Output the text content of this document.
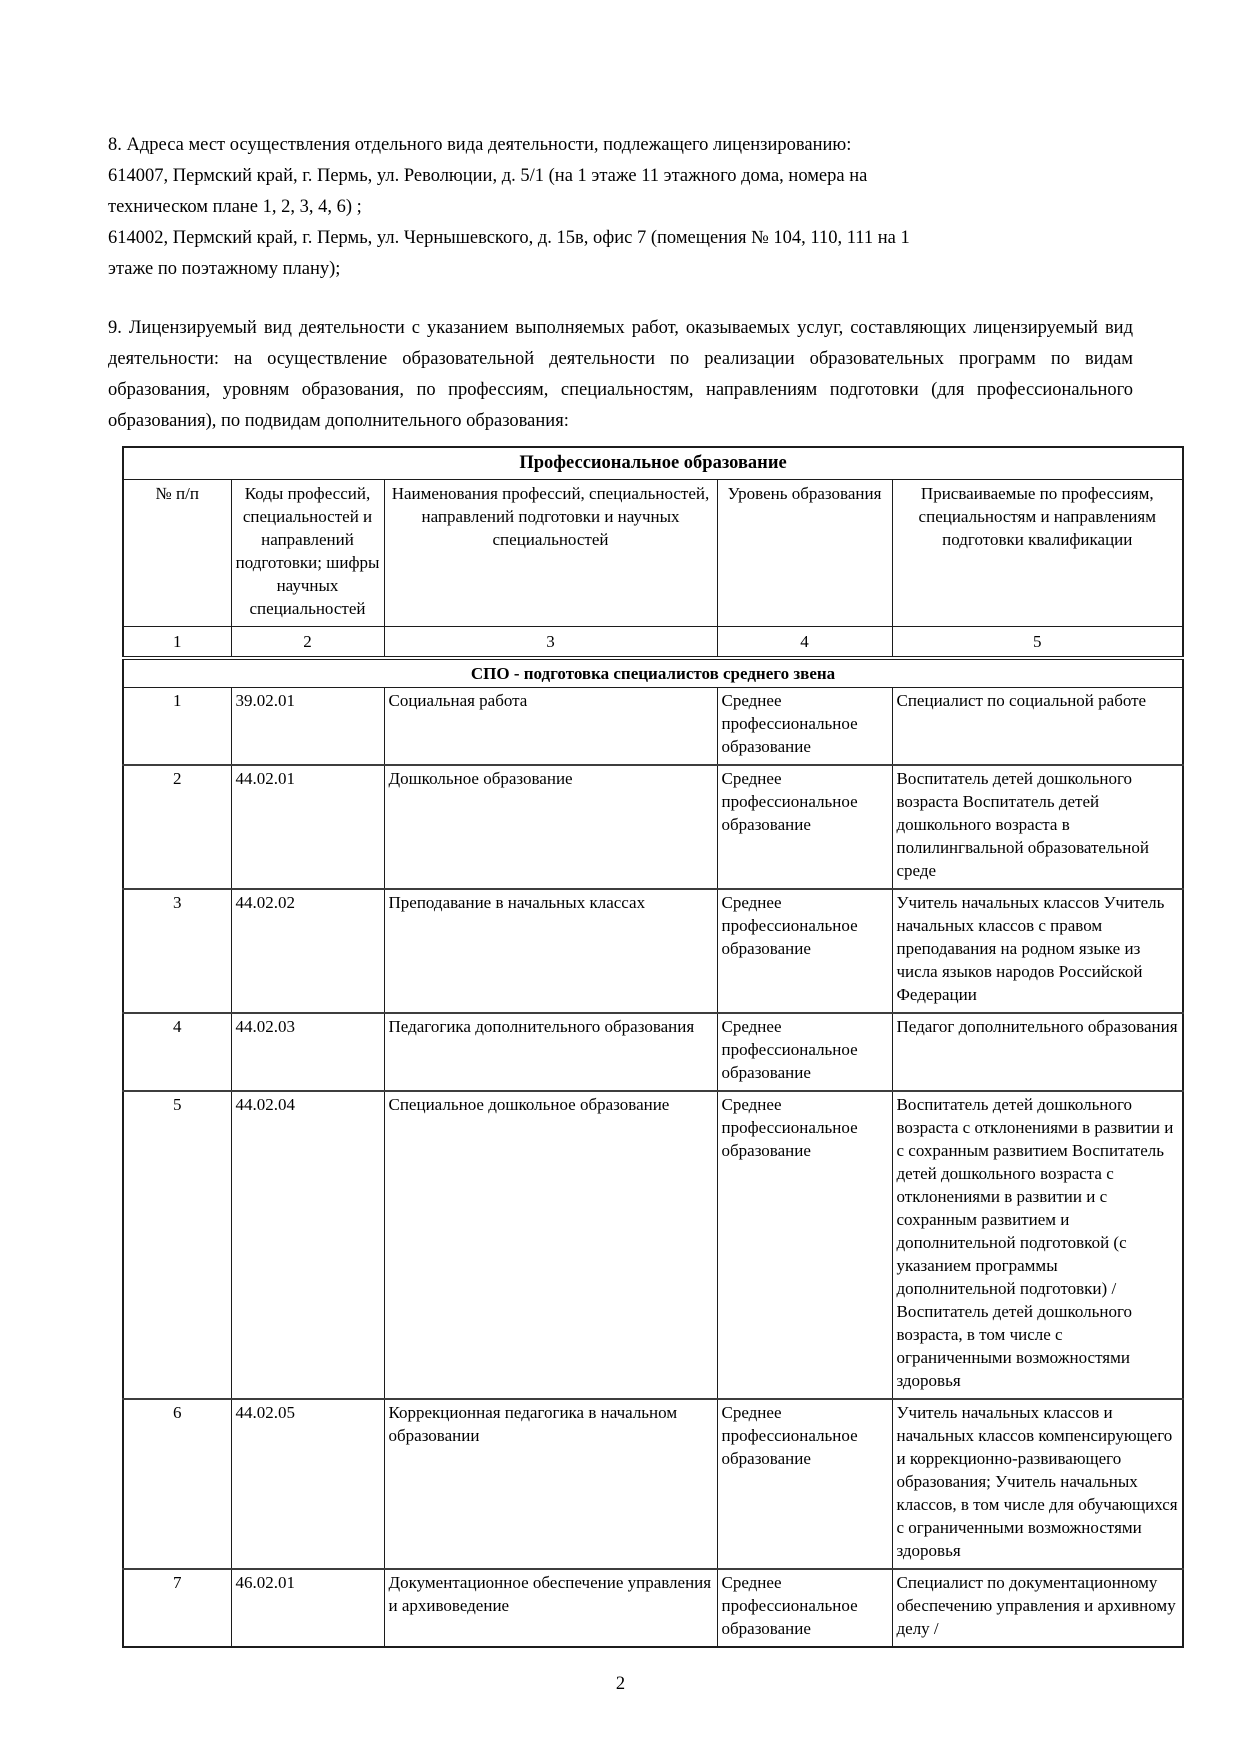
8. Адреса мест осуществления отдельного вида деятельности, подлежащего лицензированию:
614007, Пермский край, г. Пермь, ул. Революции, д. 5/1 (на 1 этаже 11 этажного дома, номера на
техническом плане 1, 2, 3, 4, 6) ;
614002, Пермский край, г. Пермь, ул. Чернышевского, д. 15в, офис 7 (помещения № 104, 110, 111 на 1
этаже по поэтажному плану);
9. Лицензируемый вид деятельности с указанием выполняемых работ, оказываемых услуг, составляющих лицензируемый вид деятельности: на осуществление образовательной деятельности по реализации образовательных программ по видам образования, уровням образования, по профессиям, специальностям, направлениям подготовки (для профессионального образования), по подвидам дополнительного образования:
Профессиональное образование				
№ п/п	Коды профессий, специальностей и направлений подготовки; шифры научных специальностей	Наименования профессий, специальностей, направлений подготовки и научных специальностей	Уровень образования	Присваиваемые по профессиям, специальностям и направлениям подготовки квалификации
1	2	3	4	5
СПО - подготовка специалистов среднего звена				
1	39.02.01	Социальная работа	Среднее профессиональное образование	Специалист по социальной работе
2	44.02.01	Дошкольное образование	Среднее профессиональное образование	Воспитатель детей дошкольного возраста Воспитатель детей дошкольного возраста в полилингвальной образовательной среде
3	44.02.02	Преподавание в начальных классах	Среднее профессиональное образование	Учитель начальных классов Учитель начальных классов с правом преподавания на родном языке из числа языков народов Российской Федерации
4	44.02.03	Педагогика дополнительного образования	Среднее профессиональное образование	Педагог дополнительного образования
5	44.02.04	Специальное дошкольное образование	Среднее профессиональное образование	Воспитатель детей дошкольного возраста с отклонениями в развитии и с сохранным развитием Воспитатель детей дошкольного возраста с отклонениями в развитии и с сохранным развитием и дополнительной подготовкой (с указанием программы дополнительной подготовки) / Воспитатель детей дошкольного возраста, в том числе с ограниченными возможностями здоровья
6	44.02.05	Коррекционная педагогика в начальном образовании	Среднее профессиональное образование	Учитель начальных классов и начальных классов компенсирующего и коррекционно-развивающего образования; Учитель начальных классов, в том числе для обучающихся с ограниченными возможностями здоровья
7	46.02.01	Документационное обеспечение управления и архивоведение	Среднее профессиональное образование	Специалист по документационному обеспечению управления и архивному делу /
2
